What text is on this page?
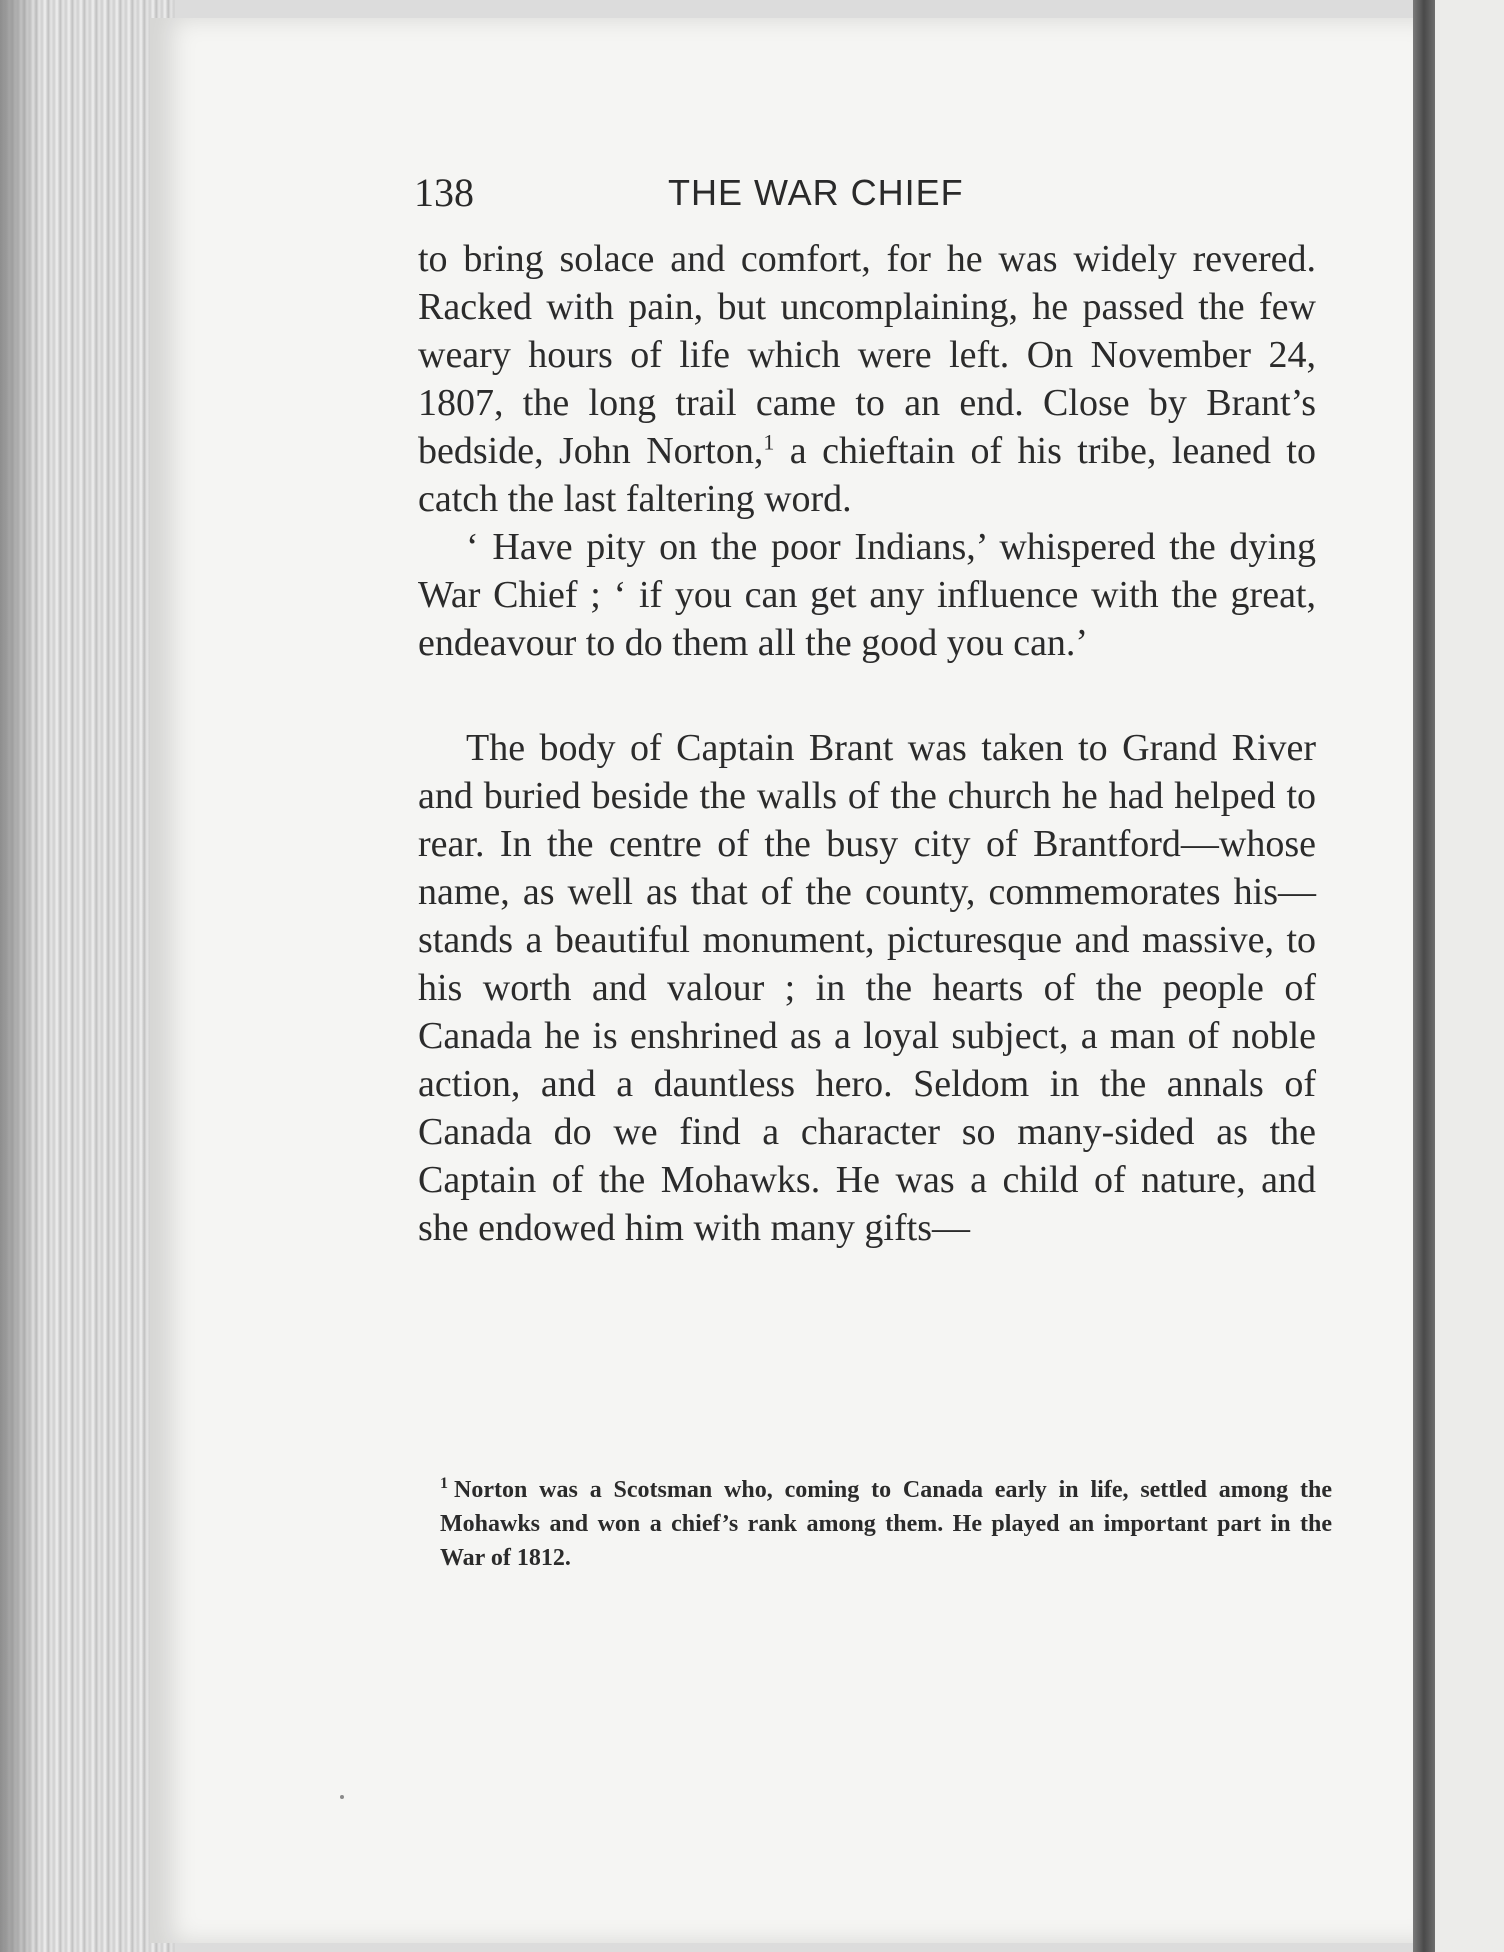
138	THE WAR CHIEF

to bring solace and comfort, for he was widely revered. Racked with pain, but uncomplaining, he passed the few weary hours of life which were left. On November 24, 1807, the long trail came to an end. Close by Brant’s bedside, John Norton,$^1$ a chieftain of his tribe, leaned to catch the last faltering word.

‘ Have pity on the poor Indians,’ whispered the dying War Chief ; ‘ if you can get any influence with the great, endeavour to do them all the good you can.’

The body of Captain Brant was taken to Grand River and buried beside the walls of the church he had helped to rear. In the centre of the busy city of Brantford—whose name, as well as that of the county, commemorates his—stands a beautiful monument, picturesque and massive, to his worth and valour ; in the hearts of the people of Canada he is enshrined as a loyal subject, a man of noble action, and a dauntless hero. Seldom in the annals of Canada do we find a character so many-sided as the Captain of the Mohawks. He was a child of nature, and she endowed him with many gifts—

$^1$ Norton was a Scotsman who, coming to Canada early in life, settled among the Mohawks and won a chief’s rank among them. He played an important part in the War of 1812.
